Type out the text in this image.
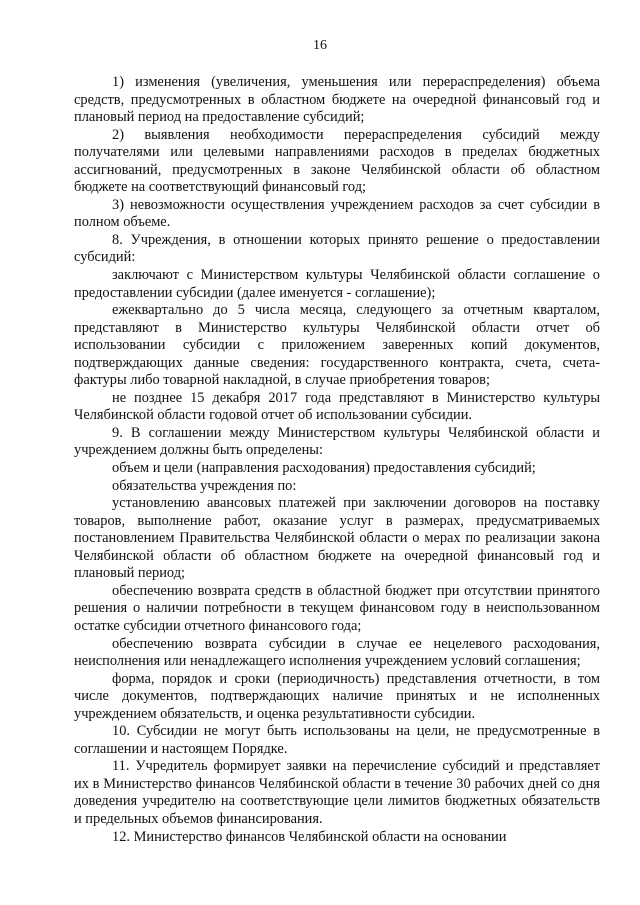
16

1) изменения (увеличения, уменьшения или перераспределения) объема средств, предусмотренных в областном бюджете на очередной финансовый год и плановый период на предоставление субсидий;

2) выявления необходимости перераспределения субсидий между получателями или целевыми направлениями расходов в пределах бюджетных ассигнований, предусмотренных в законе Челябинской области об областном бюджете на соответствующий финансовый год;

3) невозможности осуществления учреждением расходов за счет субсидии в полном объеме.

8. Учреждения, в отношении которых принято решение о предоставлении субсидий:

заключают с Министерством культуры Челябинской области соглашение о предоставлении субсидии (далее именуется - соглашение);

ежеквартально до 5 числа месяца, следующего за отчетным кварталом, представляют в Министерство культуры Челябинской области отчет об использовании субсидии с приложением заверенных копий документов, подтверждающих данные сведения: государственного контракта, счета, счета-фактуры либо товарной накладной, в случае приобретения товаров;

не позднее 15 декабря 2017 года представляют в Министерство культуры Челябинской области годовой отчет об использовании субсидии.

9. В соглашении между Министерством культуры Челябинской области и учреждением должны быть определены:

объем и цели (направления расходования) предоставления субсидий;

обязательства учреждения по:

установлению авансовых платежей при заключении договоров на поставку товаров, выполнение работ, оказание услуг в размерах, предусматриваемых постановлением Правительства Челябинской области о мерах по реализации закона Челябинской области об областном бюджете на очередной финансовый год и плановый период;

обеспечению возврата средств в областной бюджет при отсутствии принятого решения о наличии потребности в текущем финансовом году в неиспользованном остатке субсидии отчетного финансового года;

обеспечению возврата субсидии в случае ее нецелевого расходования, неисполнения или ненадлежащего исполнения учреждением условий соглашения;

форма, порядок и сроки (периодичность) представления отчетности, в том числе документов, подтверждающих наличие принятых и не исполненных учреждением обязательств, и оценка результативности субсидии.

10. Субсидии не могут быть использованы на цели, не предусмотренные в соглашении и настоящем Порядке.

11. Учредитель формирует заявки на перечисление субсидий и представляет их в Министерство финансов Челябинской области в течение 30 рабочих дней со дня доведения учредителю на соответствующие цели лимитов бюджетных обязательств и предельных объемов финансирования.

12. Министерство финансов Челябинской области на основании
